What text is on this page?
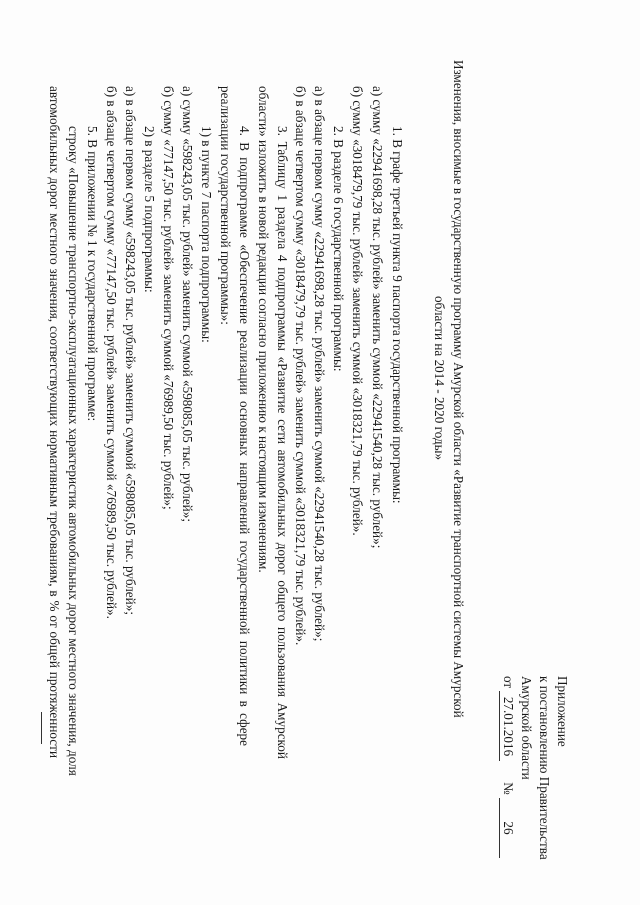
Приложение
к постановлению Правительства
Амурской области
от 27.01.2016  № 26
Изменения, вносимые в государственную программу Амурской области «Развитие транспортной системы Амурской
области на 2014 - 2020 годы»
1. В графе третьей пункта 9 паспорта государственной программы:
а) сумму «22941698,28 тыс. рублей» заменить суммой «22941540,28 тыс. рублей»;
б) сумму «3018479,79 тыс. рублей» заменить суммой «3018321,79 тыс. рублей».
2. В разделе 6 государственной программы:
а) в абзаце первом сумму «22941698,28 тыс. рублей» заменить суммой «22941540,28 тыс. рублей»;
б) в абзаце четвертом сумму «3018479,79 тыс. рублей» заменить суммой «3018321,79 тыс. рублей».
3. Таблицу 1 раздела 4 подпрограммы «Развитие сети автомобильных дорог общего пользования Амурской
области» изложить в новой редакции согласно приложению к настоящим изменениям.
4. В подпрограмме «Обеспечение реализации основных направлений государственной политики в сфере
реализации государственной программы»:
1) в пункте 7 паспорта подпрограммы:
а) сумму «598243,05 тыс. рублей» заменить суммой «598085,05 тыс. рублей»;
б) сумму «77147,50 тыс. рублей» заменить суммой «76989,50 тыс. рублей»;
2) в разделе 5 подпрограммы:
а) в абзаце первом сумму «598243,05 тыс. рублей» заменить суммой «598085,05 тыс. рублей»;
б) в абзаце четвертом сумму «77147,50 тыс. рублей» заменить суммой «76989,50 тыс. рублей».
5. В приложении № 1 к государственной программе:
строку «Повышение транспортно-эксплуатационных характеристик автомобильных дорог местного значения, доля
автомобильных дорог местного значения, соответствующих нормативным требованиям, в % от общей протяженности
